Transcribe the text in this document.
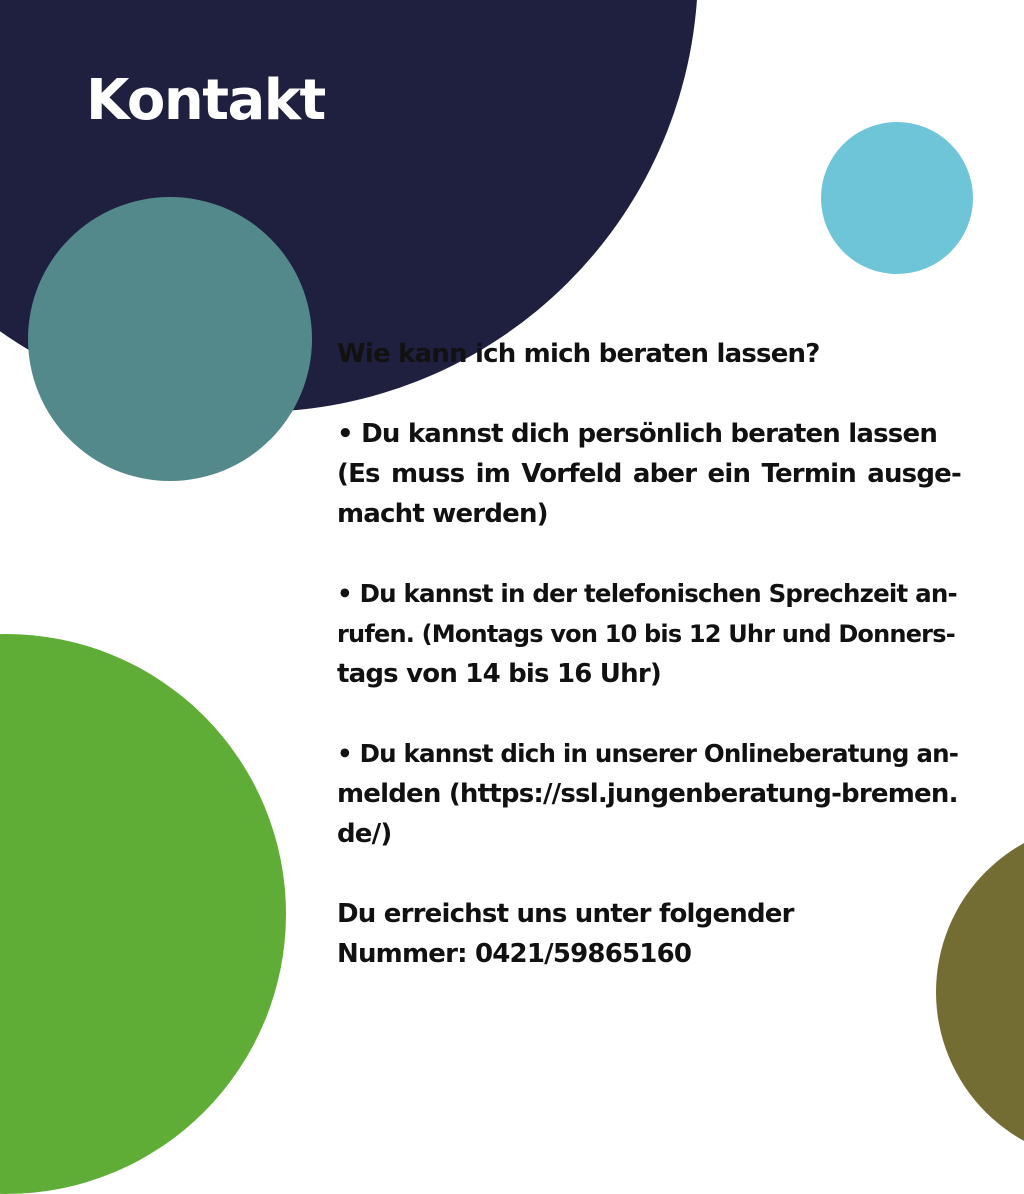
Kontakt

Wie kann ich mich beraten lassen?

• Du kannst dich persönlich beraten lassen

(Es muss im Vorfeld aber ein Termin ausge-

macht werden)

• Du kannst in der telefonischen Sprechzeit an-

rufen. (Montags von 10 bis 12 Uhr und Donners-

tags von 14 bis 16 Uhr)

• Du kannst dich in unserer Onlineberatung an-

melden (https://ssl.jungenberatung-bremen.

de/)

Du erreichst uns unter folgender

Nummer: 0421/59865160
